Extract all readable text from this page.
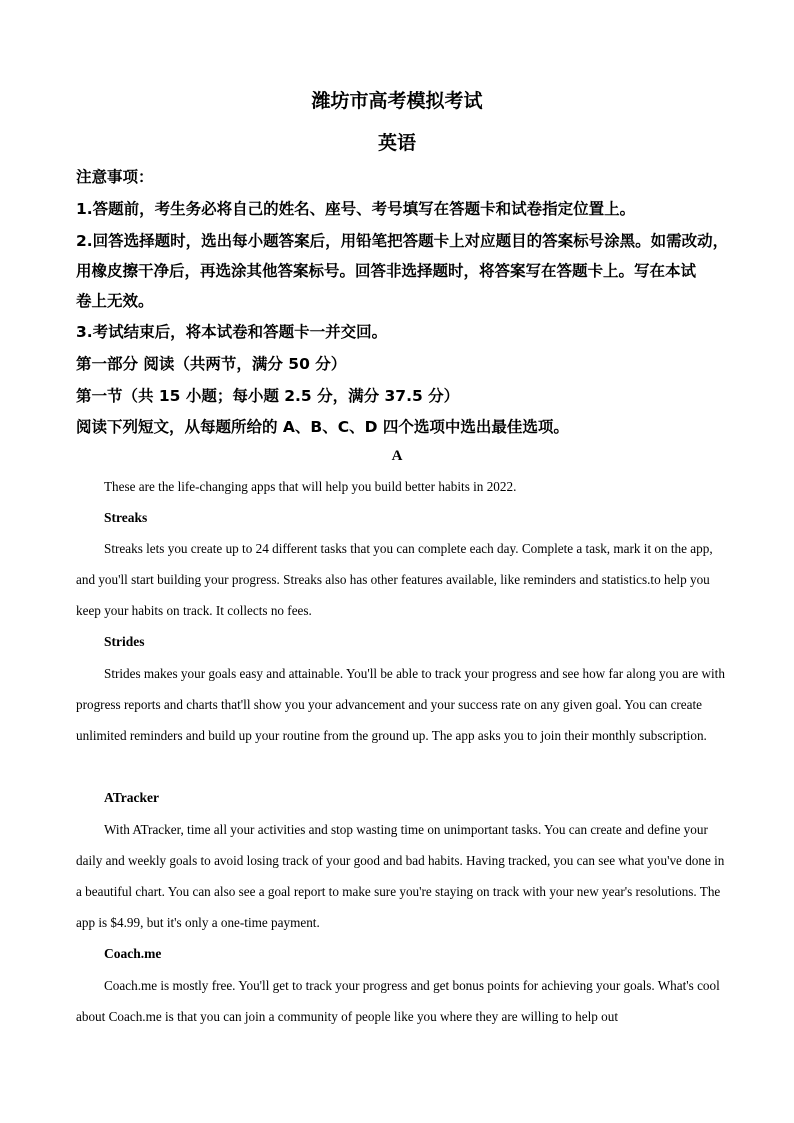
潍坊市高考模拟考试
英语
注意事项：
1.答题前，考生务必将自己的姓名、座号、考号填写在答题卡和试卷指定位置上。
2.回答选择题时，选出每小题答案后，用铅笔把答题卡上对应题目的答案标号涂黑。如需改动，
用橡皮擦干净后，再选涂其他答案标号。回答非选择题时，将答案写在答题卡上。写在本试
卷上无效。
3.考试结束后，将本试卷和答题卡一并交回。
第一部分 阅读（共两节，满分 50 分）
第一节（共 15 小题；每小题 2.5 分，满分 37.5 分）
阅读下列短文，从每题所给的 A、B、C、D 四个选项中选出最佳选项。
A

These are the life-changing apps that will help you build better habits in 2022.

Streaks

Streaks lets you create up to 24 different tasks that you can complete each day. Complete a task, mark it on the app, and you'll start building your progress. Streaks also has other features available, like reminders and statistics.to help you keep your habits on track. It collects no fees.

Strides

Strides makes your goals easy and attainable. You'll be able to track your progress and see how far along you are with progress reports and charts that'll show you your advancement and your success rate on any given goal. You can create unlimited reminders and build up your routine from the ground up. The app asks you to join their monthly subscription.

ATracker

With ATracker, time all your activities and stop wasting time on unimportant tasks. You can create and define your daily and weekly goals to avoid losing track of your good and bad habits. Having tracked, you can see what you've done in a beautiful chart. You can also see a goal report to make sure you're staying on track with your new year's resolutions. The app is $4.99, but it's only a one-time payment.

Coach.me

Coach.me is mostly free. You'll get to track your progress and get bonus points for achieving your goals. What's cool about Coach.me is that you can join a community of people like you where they are willing to help out
